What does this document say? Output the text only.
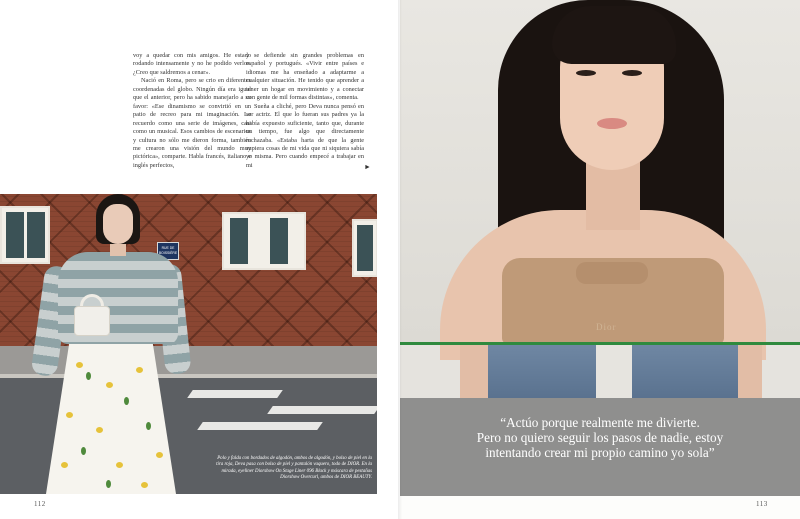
voy a quedar con mis amigos. He estado rodando intensamente y no he podido verlos. ¿Creo que saldremos a cenar».

Nació en Roma, pero se crio en diferentes coordenadas del globo. Ningún día era igual que el anterior, pero ha sabido manejarlo a su favor: «Ese dinamismo se convirtió en un patio de recreo para mi imaginación. Lo recuerdo como una serie de imágenes, casi como un musical. Esos cambios de escenarios y cultura no sólo me dieron forma, también me crearon una visión del mundo muy pictórica», comparte. Habla francés, italiano e inglés perfectos,

y se defiende sin grandes problemas en español y portugués. «Vivir entre países e idiomas me ha enseñado a adaptarme a cualquier situación. He tenido que aprender a tener un hogar en movimiento y a conectar con gente de mil formas distintas», comenta.

Sueña a cliché, pero Deva nunca pensó en ser actriz. El que lo fueran sus padres ya la había expuesto suficiente, tanto que, durante un tiempo, fue algo que directamente rechazaba. «Estaba harta de que la gente supiera cosas de mi vida que ni siquiera sabía yo misma. Pero cuando empecé a trabajar en mi	►
RUE DE BOISSIÈRE
Polo y falda con bordados de algodón, ambos de algodón, y bolso de piel en la tira roja, Deva pasa con bolso de piel y pantalón vaquero, todo de DIOR. En la mirada, eyeliner Diorshow On Stage Liner 096 Black y máscara de pestañas Diorshow Overcurl, ambos de DIOR BEAUTY.
112
Dior
“Actúo porque realmente me divierte.
Pero no quiero seguir los pasos de nadie, estoy
intentando crear mi propio camino yo sola”
113
